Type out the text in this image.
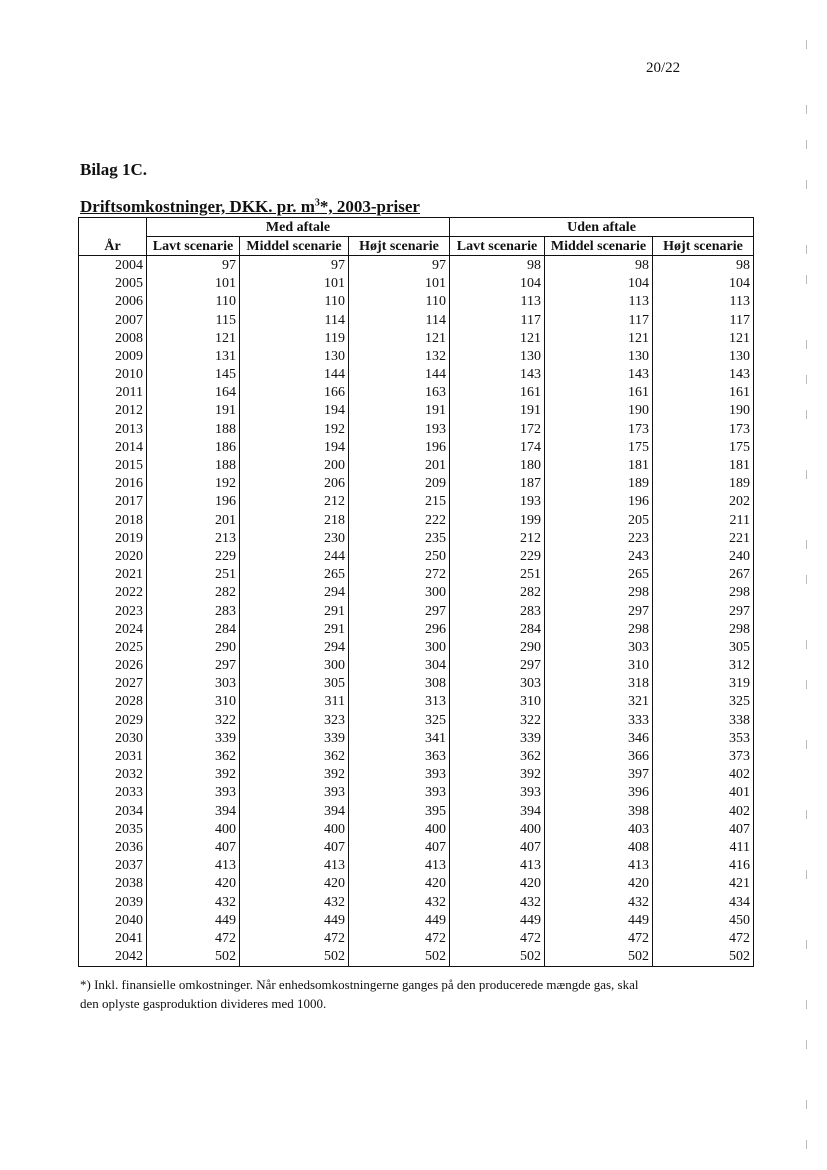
20/22
Bilag 1C.
Driftsomkostninger, DKK. pr. $m^3*$, 2003-priser
År	Med aftale			Uden aftale		
	Lavt scenarie	Middel scenarie	Højt scenarie	Lavt scenarie	Middel scenarie	Højt scenarie
2004	97	97	97	98	98	98
2005	101	101	101	104	104	104
2006	110	110	110	113	113	113
2007	115	114	114	117	117	117
2008	121	119	121	121	121	121
2009	131	130	132	130	130	130
2010	145	144	144	143	143	143
2011	164	166	163	161	161	161
2012	191	194	191	191	190	190
2013	188	192	193	172	173	173
2014	186	194	196	174	175	175
2015	188	200	201	180	181	181
2016	192	206	209	187	189	189
2017	196	212	215	193	196	202
2018	201	218	222	199	205	211
2019	213	230	235	212	223	221
2020	229	244	250	229	243	240
2021	251	265	272	251	265	267
2022	282	294	300	282	298	298
2023	283	291	297	283	297	297
2024	284	291	296	284	298	298
2025	290	294	300	290	303	305
2026	297	300	304	297	310	312
2027	303	305	308	303	318	319
2028	310	311	313	310	321	325
2029	322	323	325	322	333	338
2030	339	339	341	339	346	353
2031	362	362	363	362	366	373
2032	392	392	393	392	397	402
2033	393	393	393	393	396	401
2034	394	394	395	394	398	402
2035	400	400	400	400	403	407
2036	407	407	407	407	408	411
2037	413	413	413	413	413	416
2038	420	420	420	420	420	421
2039	432	432	432	432	432	434
2040	449	449	449	449	449	450
2041	472	472	472	472	472	472
2042	502	502	502	502	502	502
*) Inkl. finansielle omkostninger. Når enhedsomkostningerne ganges på den producerede mængde gas, skal
den oplyste gasproduktion divideres med 1000.
